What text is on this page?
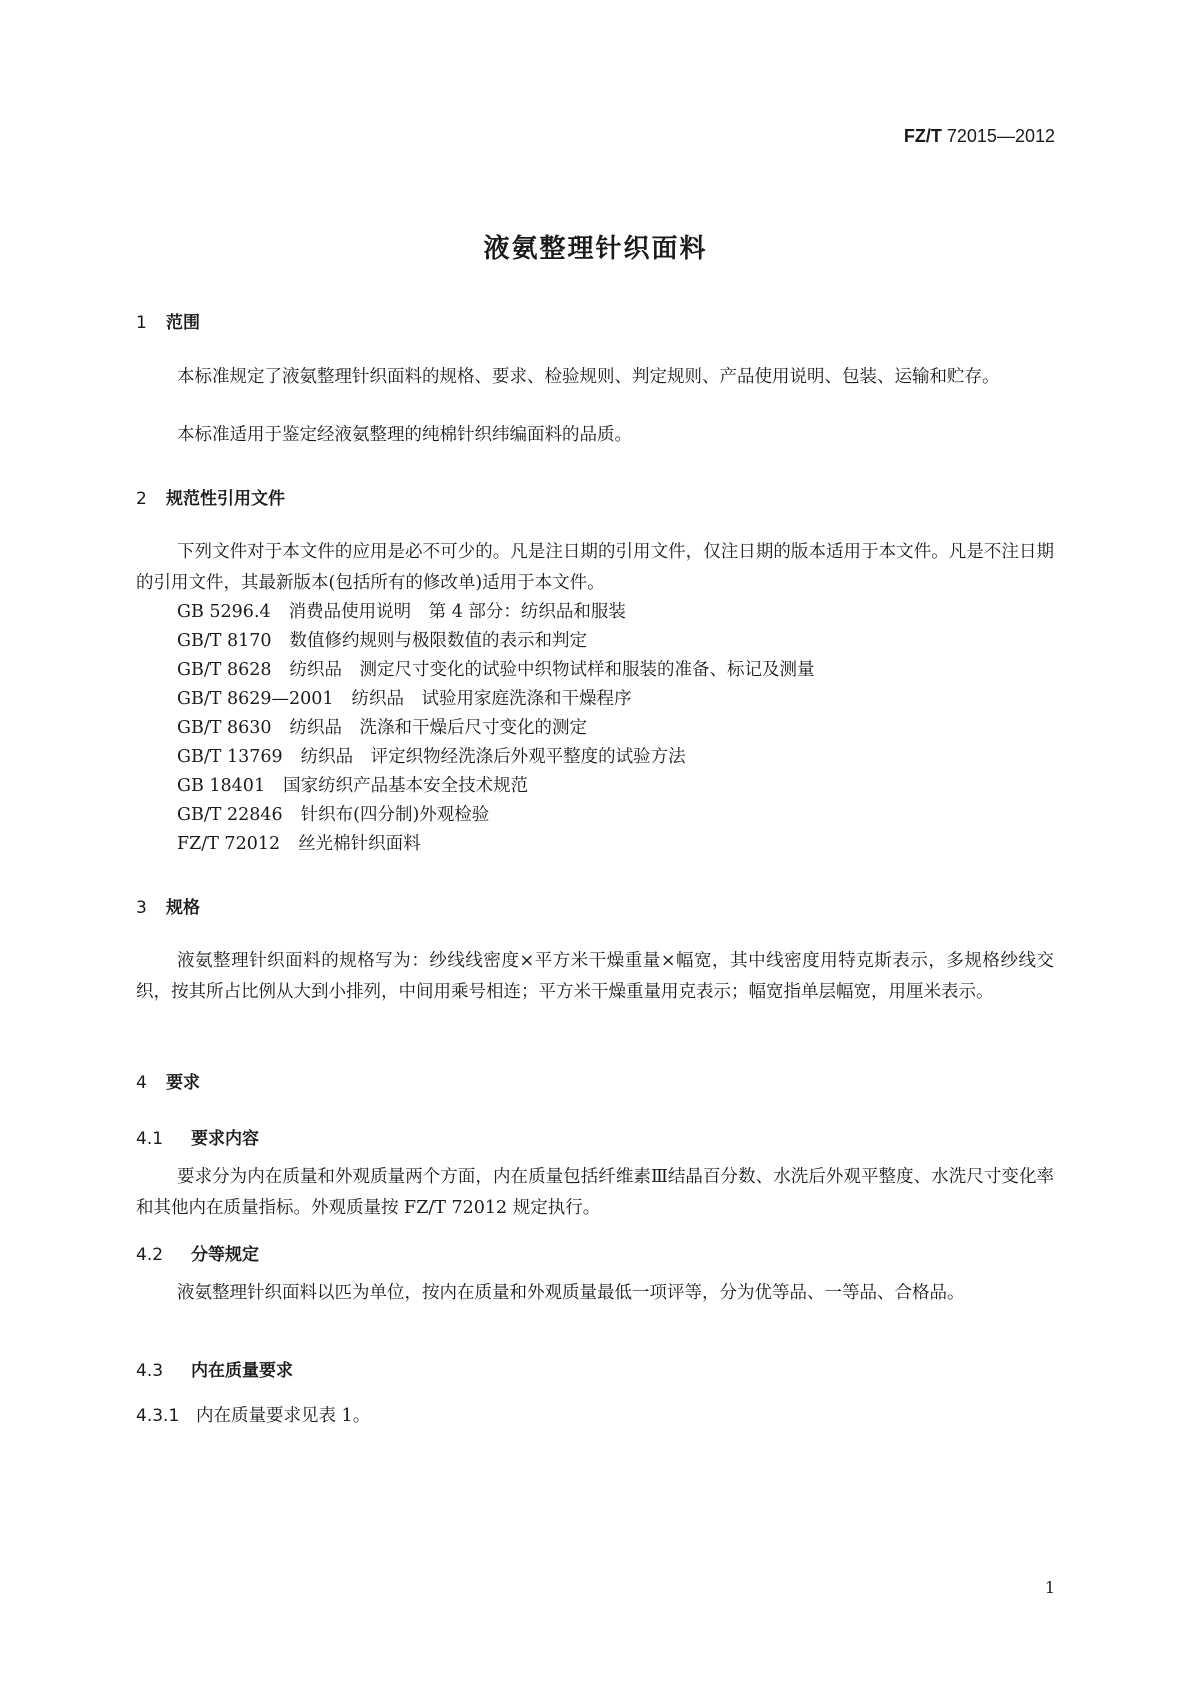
FZ/T 72015—2012
液氨整理针织面料
1 范围
本标准规定了液氨整理针织面料的规格、要求、检验规则、判定规则、产品使用说明、包装、运输和贮存。
本标准适用于鉴定经液氨整理的纯棉针织纬编面料的品质。
2 规范性引用文件
下列文件对于本文件的应用是必不可少的。凡是注日期的引用文件，仅注日期的版本适用于本文件。凡是不注日期的引用文件，其最新版本(包括所有的修改单)适用于本文件。
GB 5296.4 消费品使用说明　第 4 部分：纺织品和服装
GB/T 8170 数值修约规则与极限数值的表示和判定
GB/T 8628 纺织品　测定尺寸变化的试验中织物试样和服装的准备、标记及测量
GB/T 8629—2001 纺织品　试验用家庭洗涤和干燥程序
GB/T 8630 纺织品　洗涤和干燥后尺寸变化的测定
GB/T 13769 纺织品　评定织物经洗涤后外观平整度的试验方法
GB 18401 国家纺织产品基本安全技术规范
GB/T 22846 针织布(四分制)外观检验
FZ/T 72012 丝光棉针织面料
3 规格
液氨整理针织面料的规格写为：纱线线密度×平方米干燥重量×幅宽，其中线密度用特克斯表示，多规格纱线交织，按其所占比例从大到小排列，中间用乘号相连；平方米干燥重量用克表示；幅宽指单层幅宽，用厘米表示。
4 要求
4.1 要求内容
要求分为内在质量和外观质量两个方面，内在质量包括纤维素Ⅲ结晶百分数、水洗后外观平整度、水洗尺寸变化率和其他内在质量指标。外观质量按 FZ/T 72012 规定执行。
4.2 分等规定
液氨整理针织面料以匹为单位，按内在质量和外观质量最低一项评等，分为优等品、一等品、合格品。
4.3 内在质量要求
4.3.1 内在质量要求见表 1。
1
